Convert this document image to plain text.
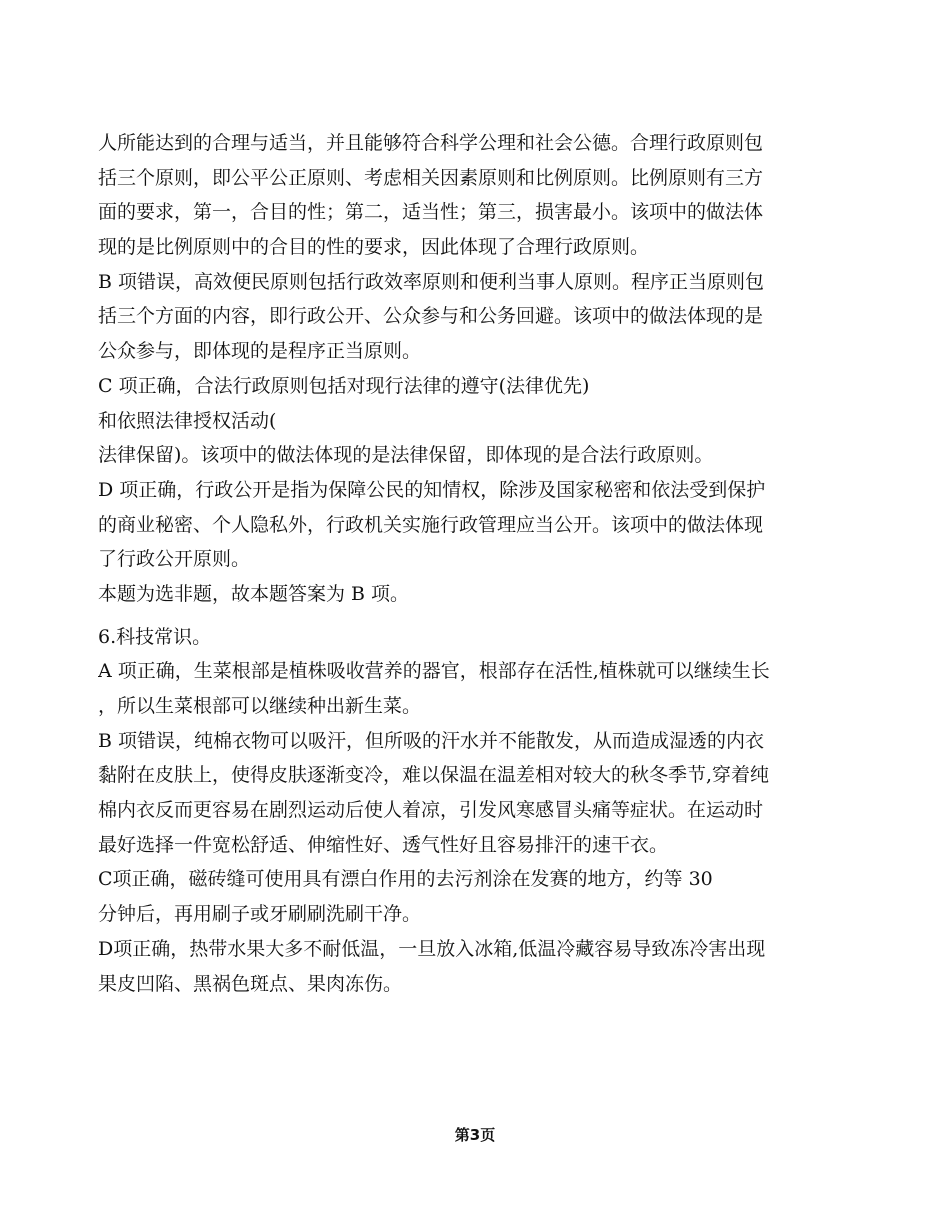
人所能达到的合理与适当，并且能够符合科学公理和社会公德。合理行政原则包
括三个原则，即公平公正原则、考虑相关因素原则和比例原则。比例原则有三方
面的要求，第一，合目的性；第二，适当性；第三，损害最小。该项中的做法体
现的是比例原则中的合目的性的要求，因此体现了合理行政原则。
B 项错误，高效便民原则包括行政效率原则和便利当事人原则。程序正当原则包
括三个方面的内容，即行政公开、公众参与和公务回避。该项中的做法体现的是
公众参与，即体现的是程序正当原则。
C 项正确，合法行政原则包括对现行法律的遵守(法律优先)
和依照法律授权活动(
法律保留)。该项中的做法体现的是法律保留，即体现的是合法行政原则。
D 项正确，行政公开是指为保障公民的知情权，除涉及国家秘密和依法受到保护
的商业秘密、个人隐私外，行政机关实施行政管理应当公开。该项中的做法体现
了行政公开原则。
本题为选非题，故本题答案为 B 项。
6.科技常识。
A 项正确，生菜根部是植株吸收营养的器官，根部存在活性,植株就可以继续生长
，所以生菜根部可以继续种出新生菜。
B 项错误，纯棉衣物可以吸汗，但所吸的汗水并不能散发，从而造成湿透的内衣
黏附在皮肤上，使得皮肤逐渐变冷，难以保温在温差相对较大的秋冬季节,穿着纯
棉内衣反而更容易在剧烈运动后使人着凉，引发风寒感冒头痛等症状。在运动时
最好选择一件宽松舒适、伸缩性好、透气性好且容易排汗的速干衣。
C项正确，磁砖缝可使用具有漂白作用的去污剂涂在发赛的地方，约等 30
分钟后，再用刷子或牙刷刷洗刷干净。
D项正确，热带水果大多不耐低温，一旦放入冰箱,低温冷藏容易导致冻冷害出现
果皮凹陷、黑祸色斑点、果肉冻伤。
第3页
